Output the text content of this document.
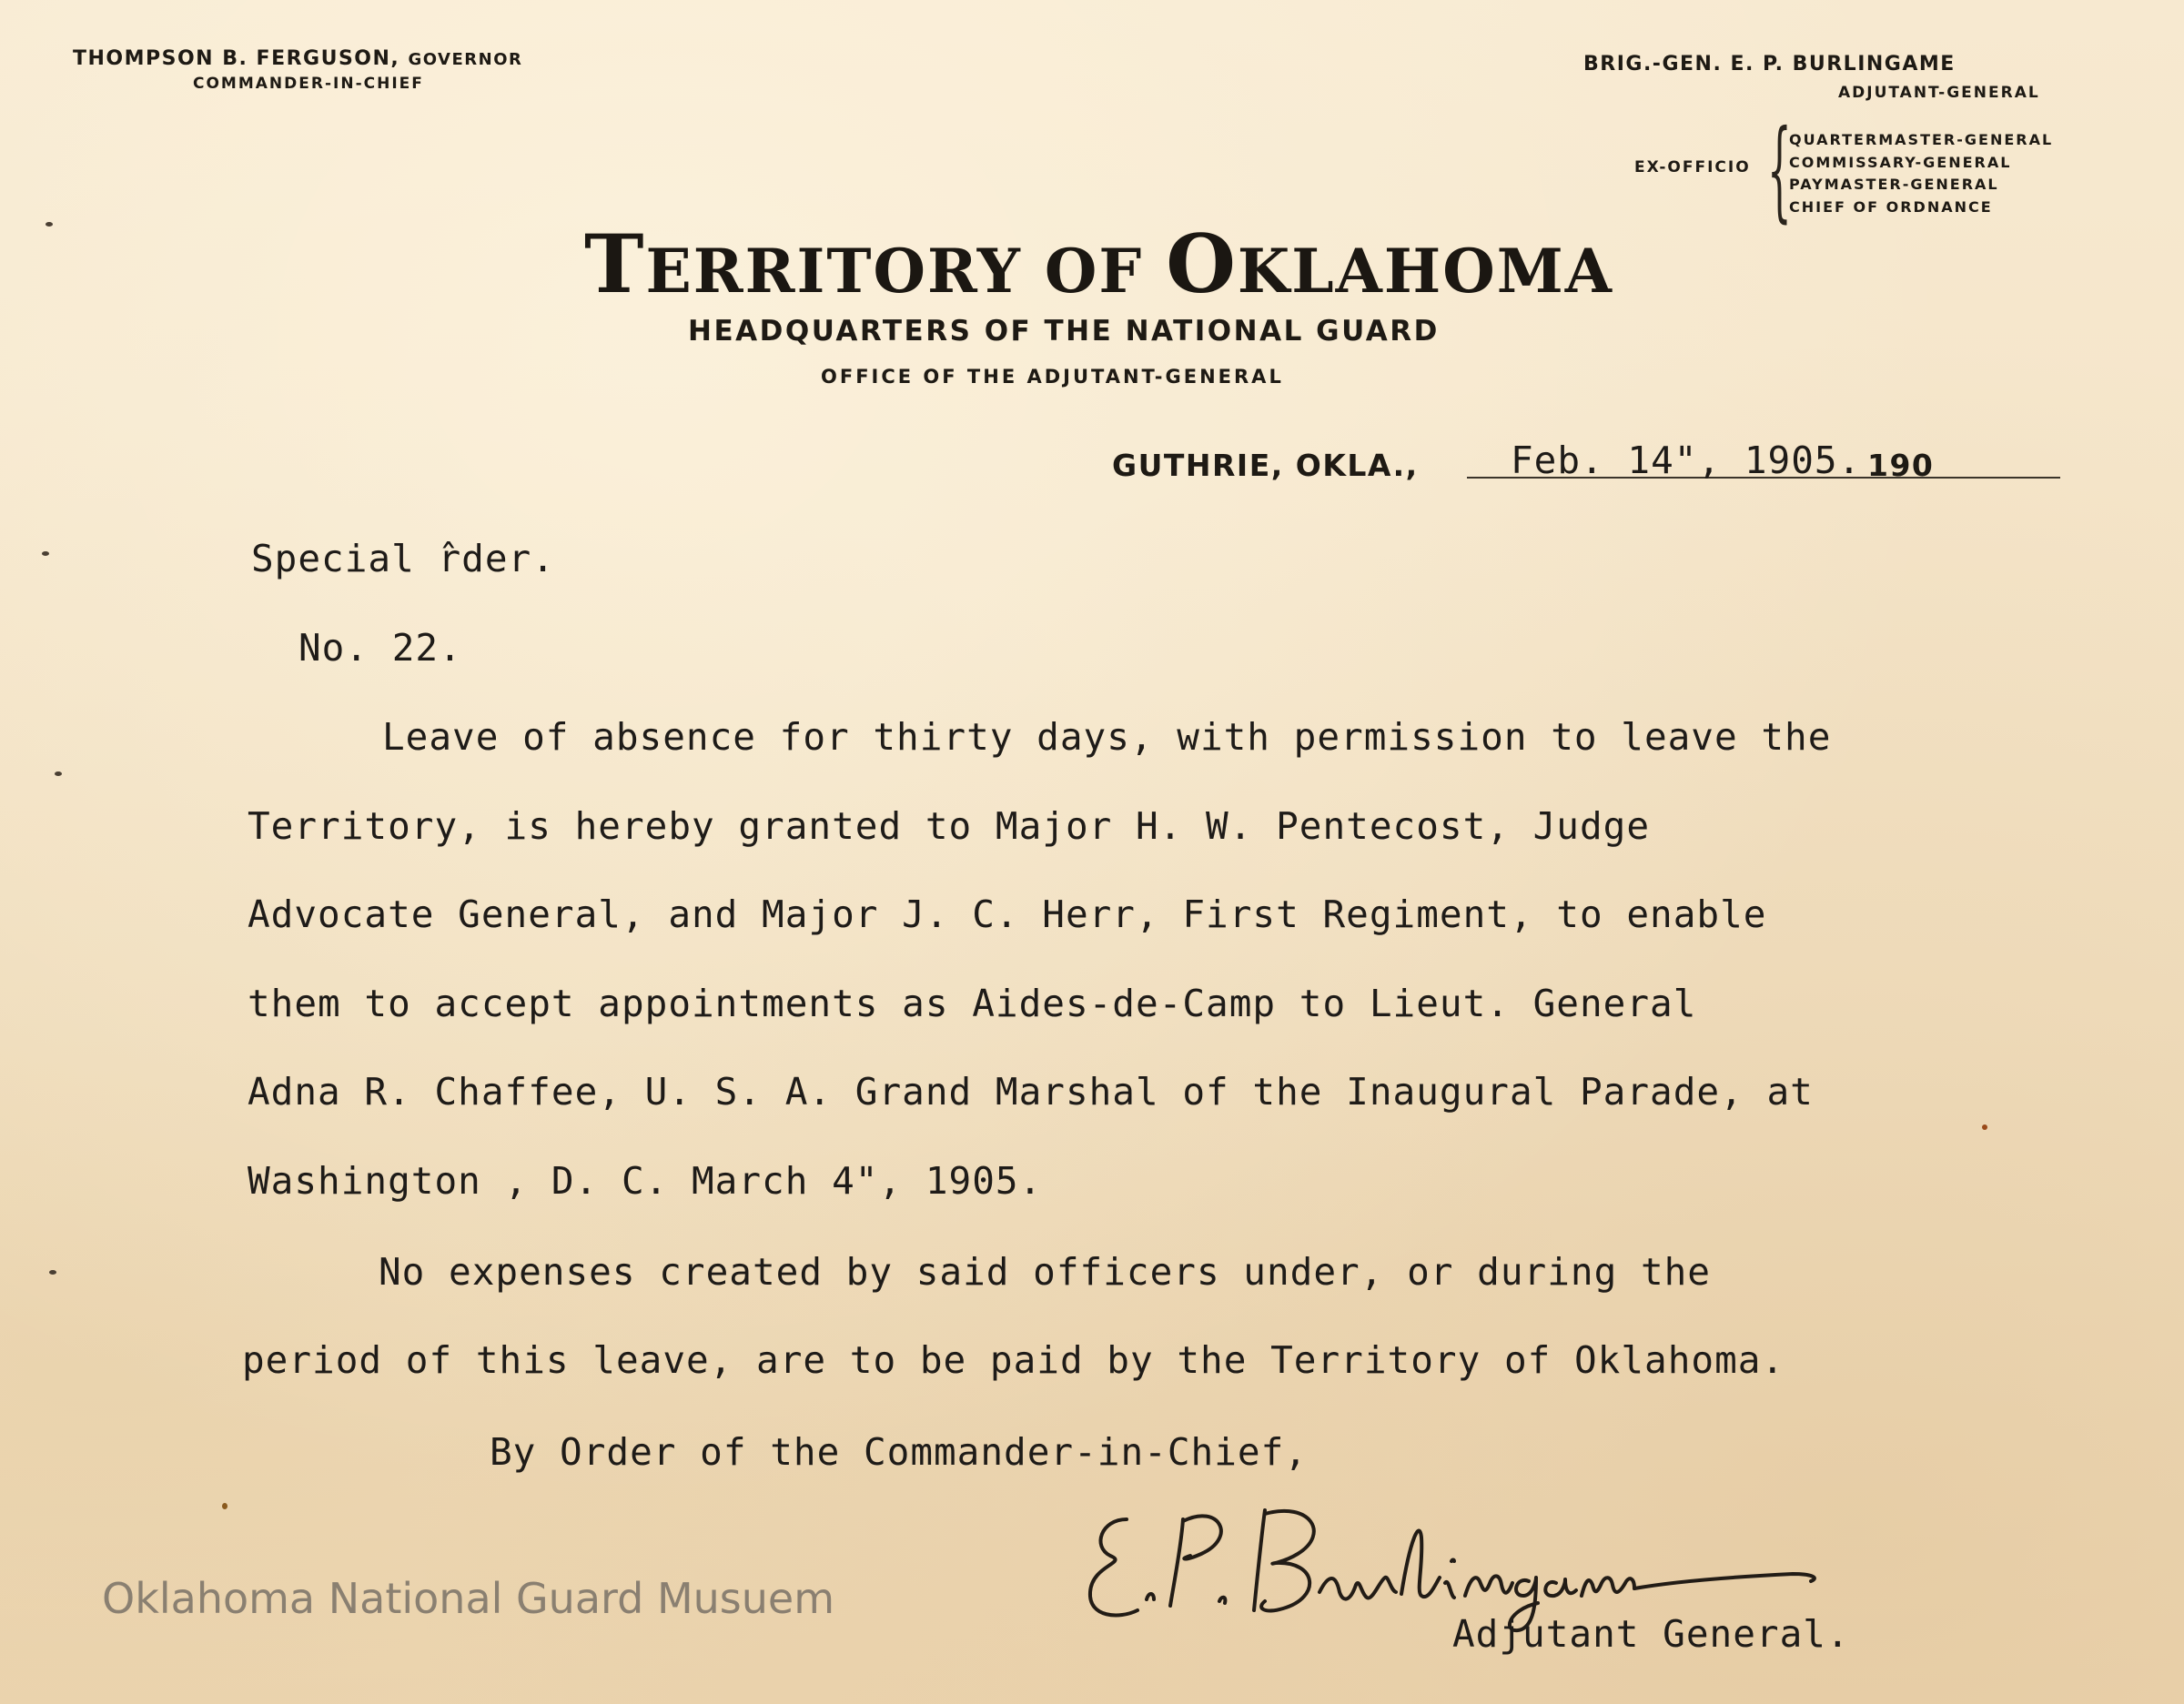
THOMPSON B. FERGUSON, GOVERNOR
COMMANDER-IN-CHIEF
BRIG.-GEN. E. P. BURLINGAME
ADJUTANT-GENERAL
EX-OFFICIO {
QUARTERMASTER-GENERAL
COMMISSARY-GENERAL
PAYMASTER-GENERAL
CHIEF OF ORDNANCE
TERRITORY OF OKLAHOMA
HEADQUARTERS OF THE NATIONAL GUARD
OFFICE OF THE ADJUTANT-GENERAL
GUTHRIE, OKLA., Feb. 14", 1905. 190
Special ̂rder.
No. 22.
Leave of absence for thirty days, with permission to leave the
Territory, is hereby granted to Major H. W. Pentecost, Judge
Advocate General, and Major J. C. Herr, First Regiment, to enable
them to accept appointments as Aides-de-Camp to Lieut. General
Adna R. Chaffee, U. S. A. Grand Marshal of the Inaugural Parade, at
Washington , D. C. March 4", 1905.
No expenses created by said officers under, or during the
period of this leave, are to be paid by the Territory of Oklahoma.
By Order of the Commander-in-Chief,
Adjutant General.
Oklahoma National Guard Musuem
